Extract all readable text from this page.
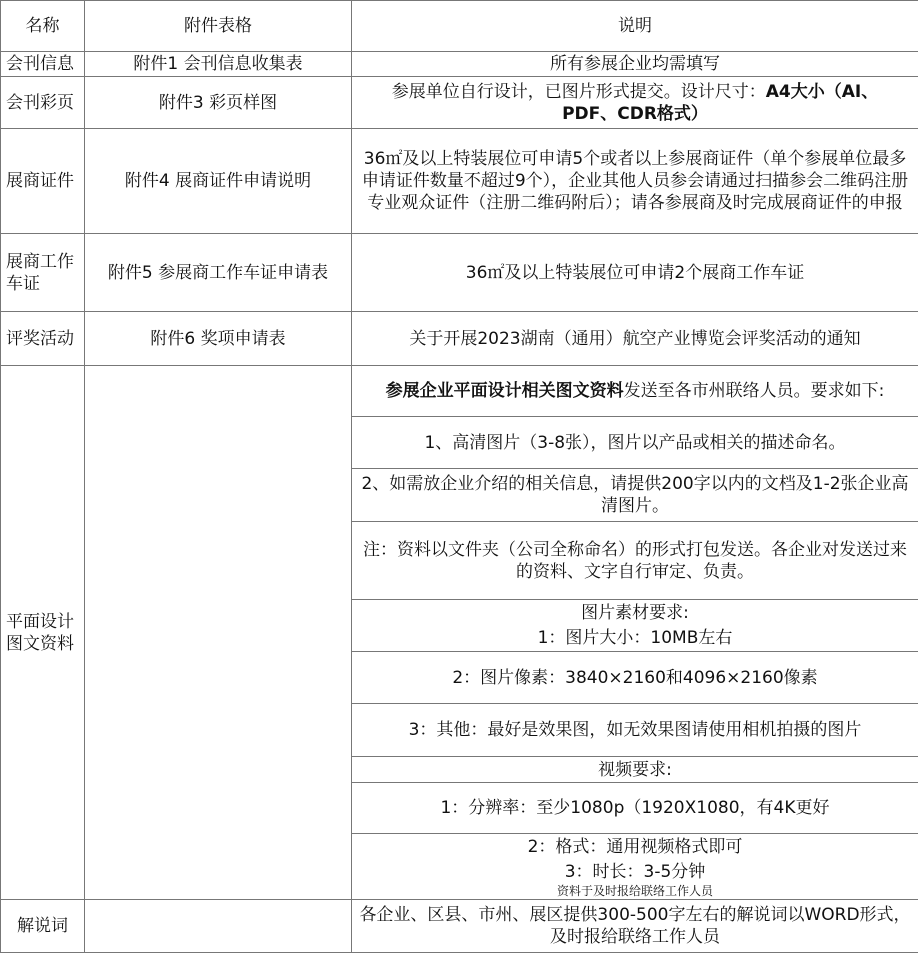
名称	附件表格	说明
会刊信息	附件1 会刊信息收集表	所有参展企业均需填写
会刊彩页	附件3 彩页样图	参展单位自行设计，已图片形式提交。设计尺寸：A4大小（AI、PDF、CDR格式）
展商证件	附件4 展商证件申请说明	36㎡及以上特装展位可申请5个或者以上参展商证件（单个参展单位最多申请证件数量不超过9个），企业其他人员参会请通过扫描参会二维码注册专业观众证件（注册二维码附后）；请各参展商及时完成展商证件的申报
展商工作车证	附件5 参展商工作车证申请表	36㎡及以上特装展位可申请2个展商工作车证
评奖活动	附件6 奖项申请表	关于开展2023湖南（通用）航空产业博览会评奖活动的通知
平面设计图文资料		参展企业平面设计相关图文资料发送至各市州联络人员。要求如下:
		1、高清图片（3-8张），图片以产品或相关的描述命名。
		2、如需放企业介绍的相关信息，请提供200字以内的文档及1-2张企业高清图片。
		注：资料以文件夹（公司全称命名）的形式打包发送。各企业对发送过来的资料、文字自行审定、负责。
		图片素材要求:
		1：图片大小：10MB左右
		2：图片像素：3840×2160和4096×2160像素
		3：其他：最好是效果图，如无效果图请使用相机拍摄的图片
		视频要求:
		1：分辨率：至少1080p（1920X1080，有4K更好
		2：格式：通用视频格式即可

		3：时长：3-5分钟
资料于及时报给联络工作人员

解说词		各企业、区县、市州、展区提供300-500字左右的解说词以WORD形式，及时报给联络工作人员
